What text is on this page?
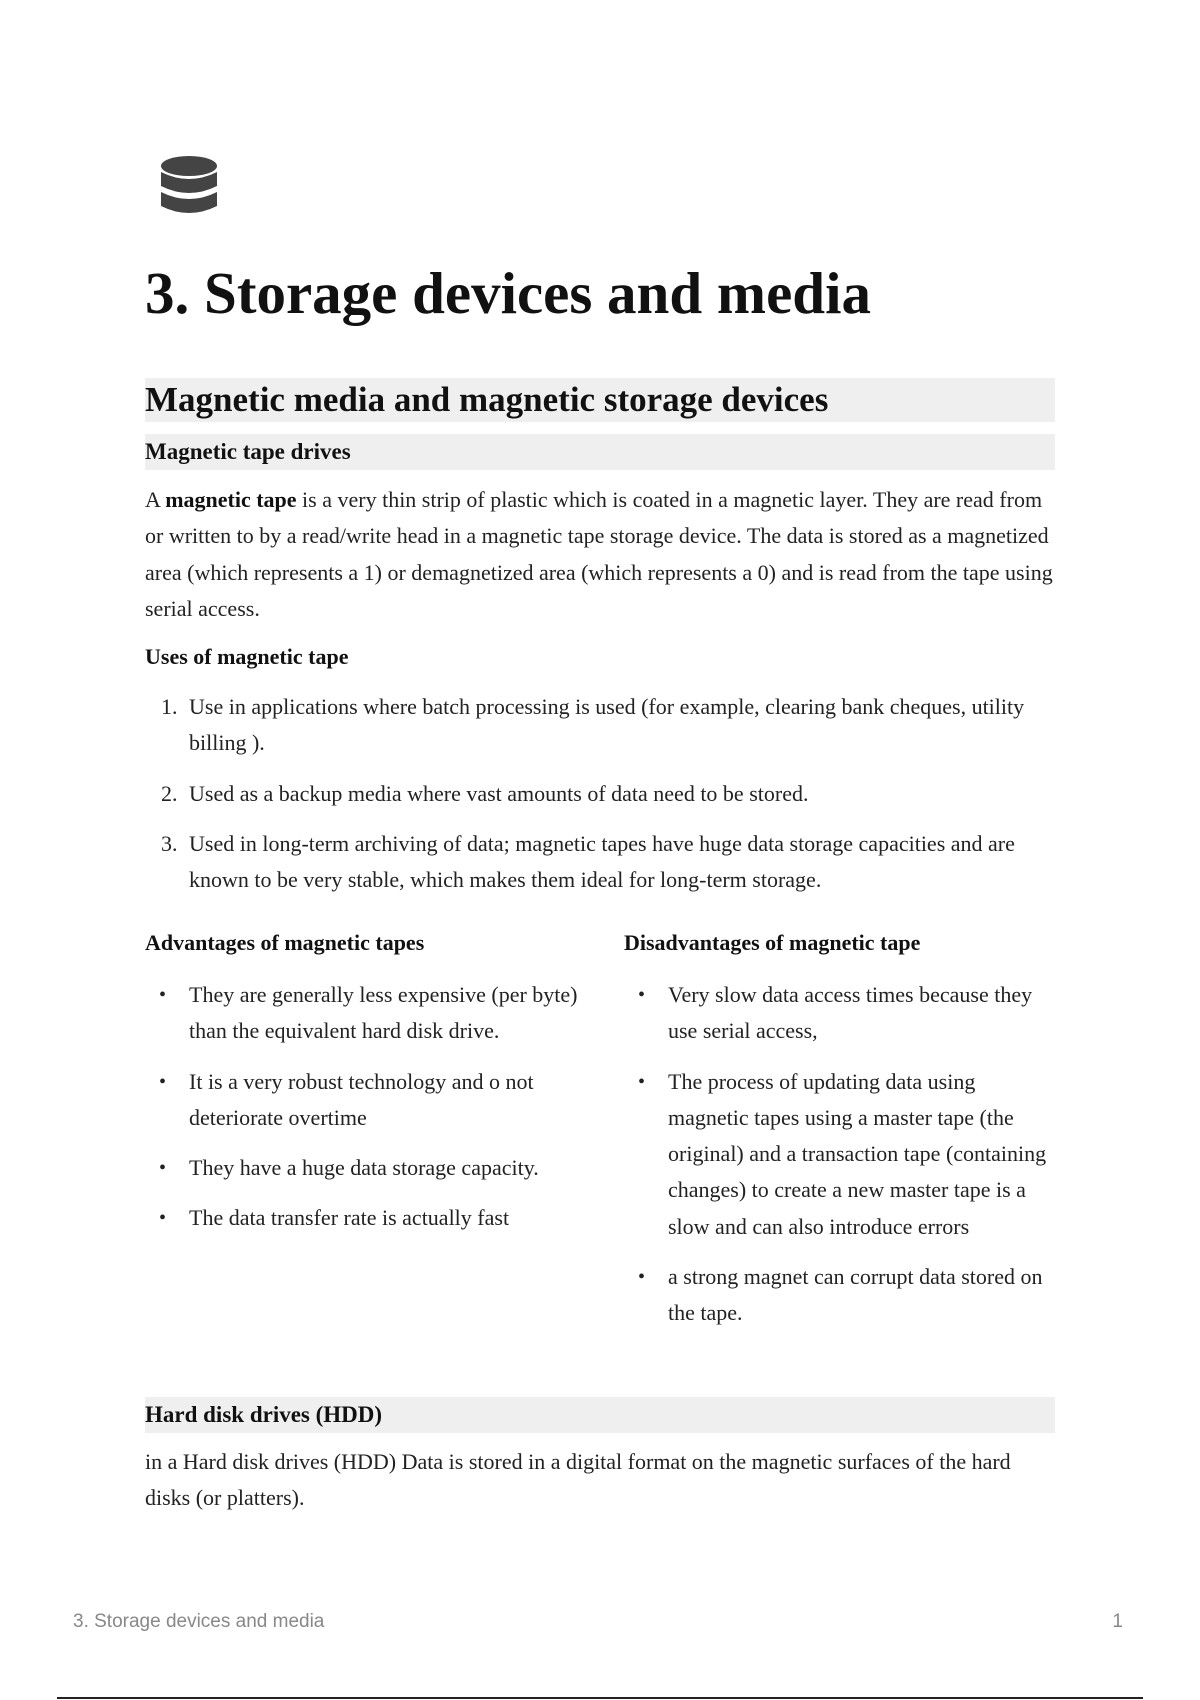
3. Storage devices and media
Magnetic media and magnetic storage devices
Magnetic tape drives

A magnetic tape is a very thin strip of plastic which is coated in a magnetic layer. They are read from or written to by a read/write head in a magnetic tape storage device. The data is stored as a magnetized area (which represents a 1) or demagnetized area (which represents a 0) and is read from the tape using serial access.

Uses of magnetic tape

1. Use in applications where batch processing is used (for example, clearing bank cheques, utility billing ).
2. Used as a backup media where vast amounts of data need to be stored.
3. Used in long-term archiving of data; magnetic tapes have huge data storage capacities and are known to be very stable, which makes them ideal for long-term storage.

Advantages of magnetic tapes	Disadvantages of magnetic tape

• They are generally less expensive (per byte) than the equivalent hard disk drive.
• It is a very robust technology and o not deteriorate overtime
• They have a huge data storage capacity.
• The data transfer rate is actually fast
• Very slow data access times because they use serial access,
• The process of updating data using magnetic tapes using a master tape (the original) and a transaction tape (containing changes) to create a new master tape is a slow and can also introduce errors
• a strong magnet can corrupt data stored on the tape.
Hard disk drives (HDD)

in a Hard disk drives (HDD) Data is stored in a digital format on the magnetic surfaces of the hard disks (or platters).

3. Storage devices and media	1
